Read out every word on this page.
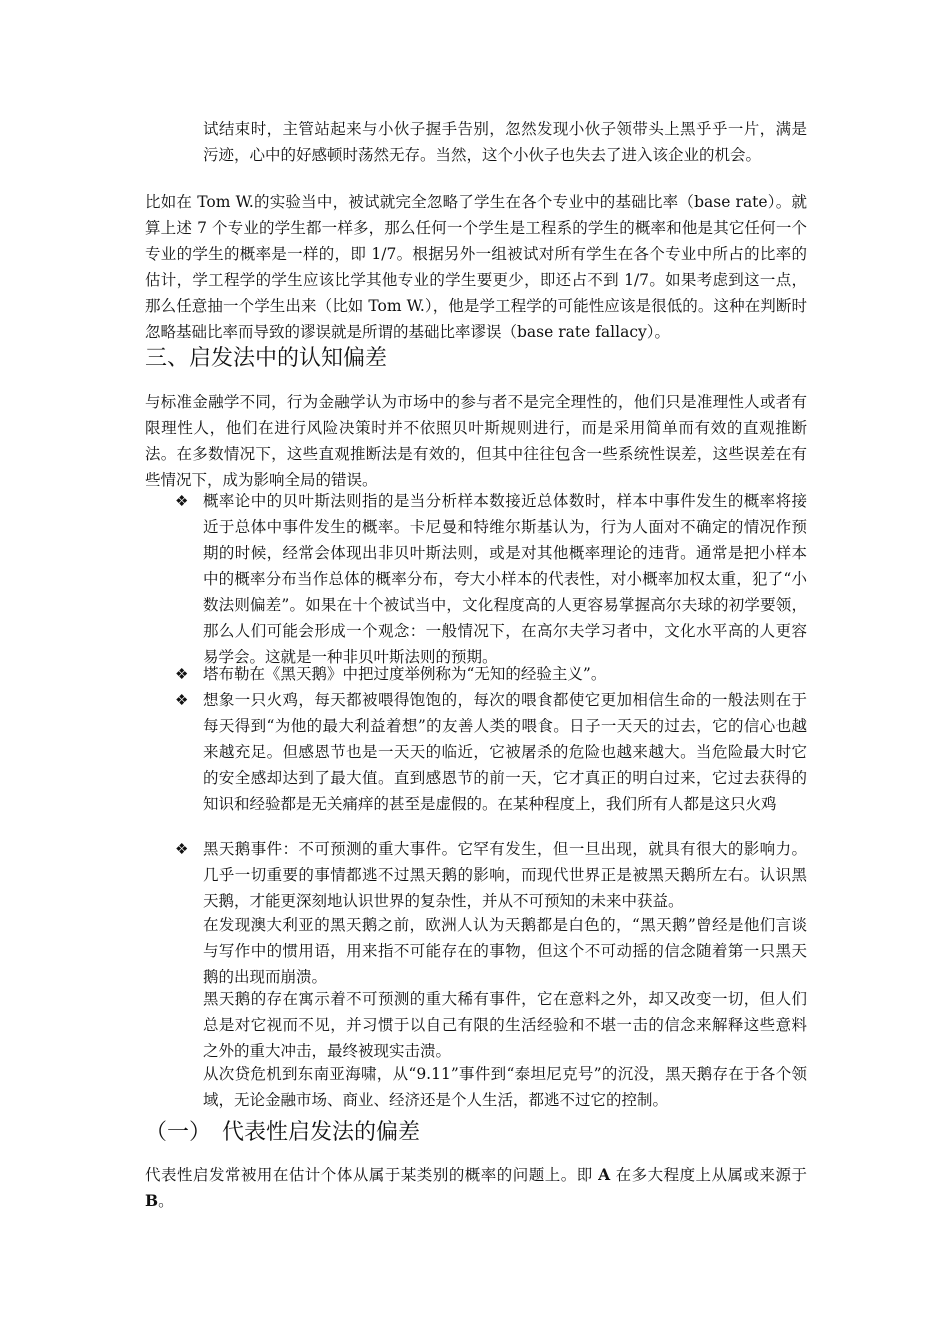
试结束时，主管站起来与小伙子握手告别，忽然发现小伙子领带头上黑乎乎一片，满是污迹，心中的好感顿时荡然无存。当然，这个小伙子也失去了进入该企业的机会。
比如在 Tom W.的实验当中，被试就完全忽略了学生在各个专业中的基础比率（base rate）。就算上述 7 个专业的学生都一样多，那么任何一个学生是工程系的学生的概率和他是其它任何一个专业的学生的概率是一样的，即 1/7。根据另外一组被试对所有学生在各个专业中所占的比率的估计，学工程学的学生应该比学其他专业的学生要更少，即还占不到 1/7。如果考虑到这一点，那么任意抽一个学生出来（比如 Tom W.），他是学工程学的可能性应该是很低的。这种在判断时忽略基础比率而导致的谬误就是所谓的基础比率谬误（base rate fallacy）。
三、启发法中的认知偏差
与标准金融学不同，行为金融学认为市场中的参与者不是完全理性的，他们只是准理性人或者有限理性人，他们在进行风险决策时并不依照贝叶斯规则进行，而是采用简单而有效的直观推断法。在多数情况下，这些直观推断法是有效的，但其中往往包含一些系统性误差，这些误差在有些情况下，成为影响全局的错误。
❖ 概率论中的贝叶斯法则指的是当分析样本数接近总体数时，样本中事件发生的概率将接近于总体中事件发生的概率。卡尼曼和特维尔斯基认为，行为人面对不确定的情况作预期的时候，经常会体现出非贝叶斯法则，或是对其他概率理论的违背。通常是把小样本中的概率分布当作总体的概率分布，夸大小样本的代表性，对小概率加权太重，犯了“小数法则偏差”。如果在十个被试当中，文化程度高的人更容易掌握高尔夫球的初学要领，那么人们可能会形成一个观念：一般情况下，在高尔夫学习者中，文化水平高的人更容易学会。这就是一种非贝叶斯法则的预期。
❖ 塔布勒在《黑天鹅》中把过度举例称为“无知的经验主义”。
❖ 想象一只火鸡，每天都被喂得饱饱的，每次的喂食都使它更加相信生命的一般法则在于每天得到“为他的最大利益着想”的友善人类的喂食。日子一天天的过去，它的信心也越来越充足。但感恩节也是一天天的临近，它被屠杀的危险也越来越大。当危险最大时它的安全感却达到了最大值。直到感恩节的前一天，它才真正的明白过来，它过去获得的知识和经验都是无关痛痒的甚至是虚假的。在某种程度上，我们所有人都是这只火鸡
❖ 黑天鹅事件：不可预测的重大事件。它罕有发生，但一旦出现，就具有很大的影响力。几乎一切重要的事情都逃不过黑天鹅的影响，而现代世界正是被黑天鹅所左右。认识黑天鹅，才能更深刻地认识世界的复杂性，并从不可预知的未来中获益。
在发现澳大利亚的黑天鹅之前，欧洲人认为天鹅都是白色的，“黑天鹅”曾经是他们言谈与写作中的惯用语，用来指不可能存在的事物，但这个不可动摇的信念随着第一只黑天鹅的出现而崩溃。
黑天鹅的存在寓示着不可预测的重大稀有事件，它在意料之外，却又改变一切，但人们总是对它视而不见，并习惯于以自己有限的生活经验和不堪一击的信念来解释这些意料之外的重大冲击，最终被现实击溃。
从次贷危机到东南亚海啸，从“9.11”事件到“泰坦尼克号”的沉没，黑天鹅存在于各个领域，无论金融市场、商业、经济还是个人生活，都逃不过它的控制。
（一）　代表性启发法的偏差
代表性启发常被用在估计个体从属于某类别的概率的问题上。即 A 在多大程度上从属或来源于 B。
